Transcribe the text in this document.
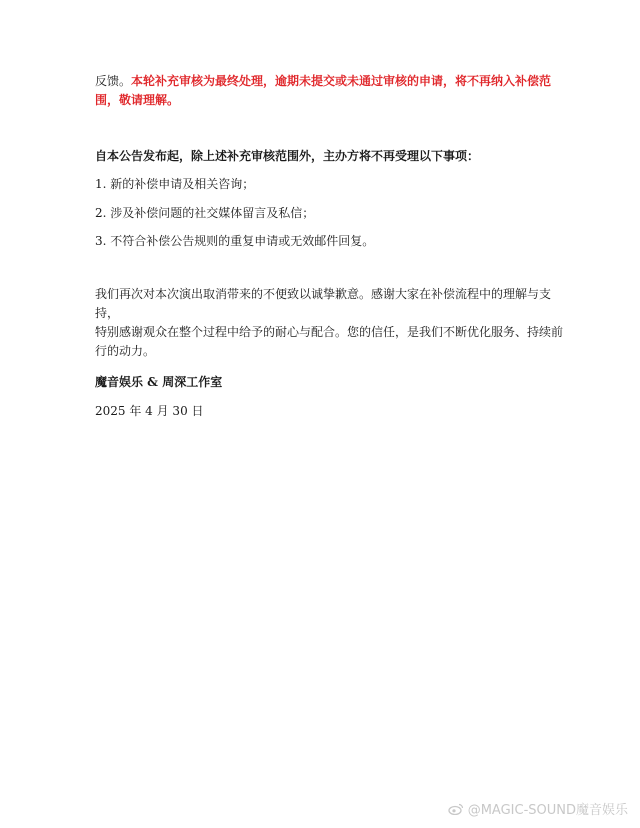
反馈。本轮补充审核为最终处理，逾期未提交或未通过审核的申请，将不再纳入补偿范
围，敬请理解。

自本公告发布起，除上述补充审核范围外，主办方将不再受理以下事项：

1. 新的补偿申请及相关咨询；

2. 涉及补偿问题的社交媒体留言及私信；

3. 不符合补偿公告规则的重复申请或无效邮件回复。

我们再次对本次演出取消带来的不便致以诚挚歉意。感谢大家在补偿流程中的理解与支持，
特别感谢观众在整个过程中给予的耐心与配合。您的信任，是我们不断优化服务、持续前
行的动力。

魔音娱乐 & 周深工作室

2025 年 4 月 30 日

@MAGIC-SOUND魔音娱乐
